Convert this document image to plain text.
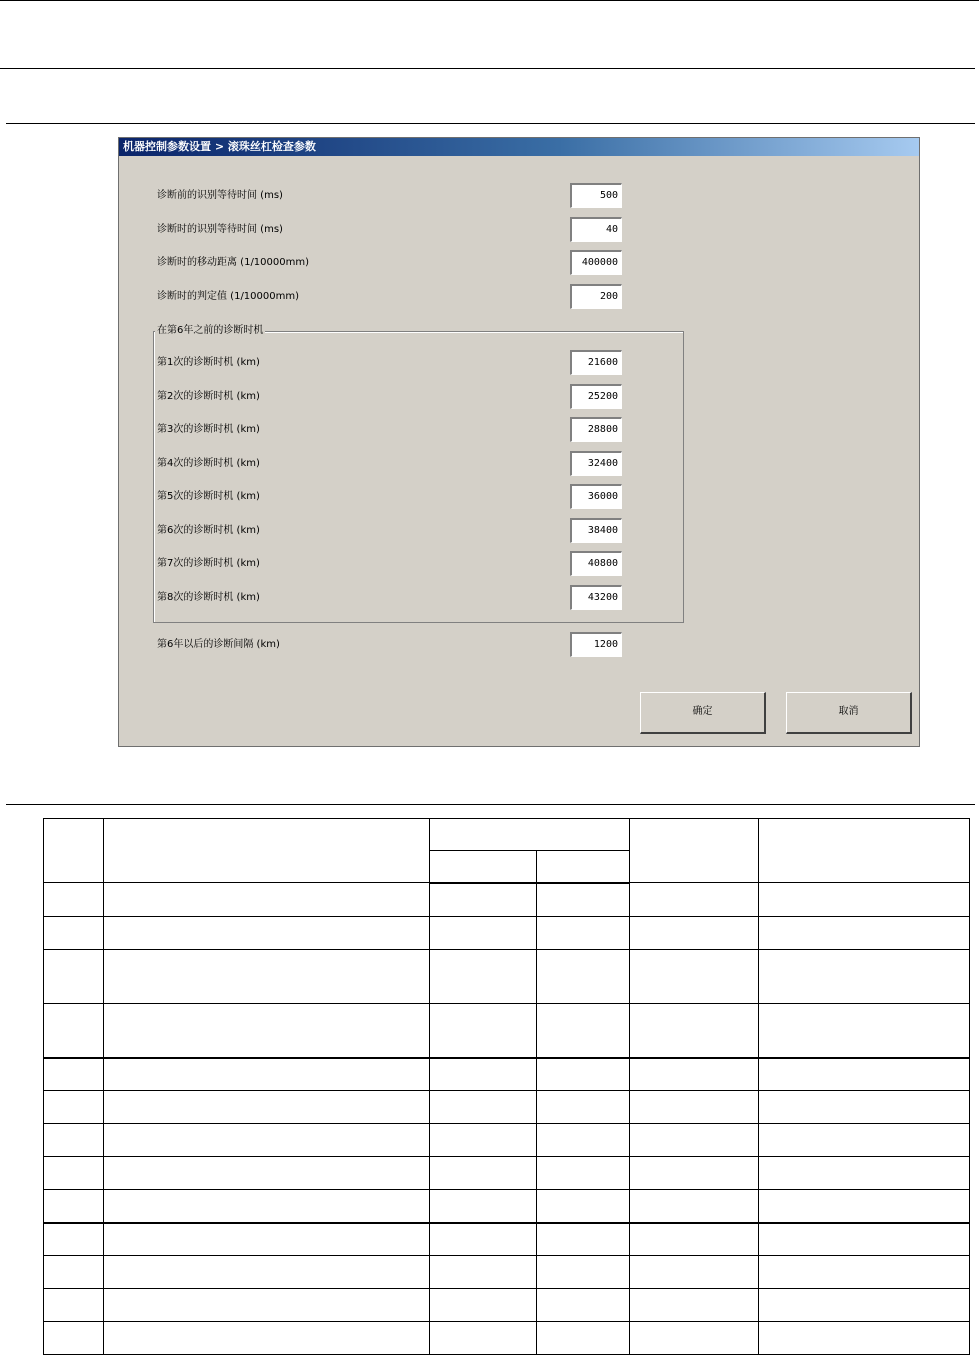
机器控制参数设置 > 滚珠丝杠检查参数
诊断前的识别等待时间 (ms)	500
诊断时的识别等待时间 (ms)	40
诊断时的移动距离 (1/10000mm)	400000
诊断时的判定值 (1/10000mm)	200
在第6年之前的诊断时机
第1次的诊断时机 (km)	21600
第2次的诊断时机 (km)	25200
第3次的诊断时机 (km)	28800
第4次的诊断时机 (km)	32400
第5次的诊断时机 (km)	36000
第6次的诊断时机 (km)	38400
第7次的诊断时机 (km)	40800
第8次的诊断时机 (km)	43200
第6年以后的诊断间隔 (km)	1200
确定	取消
